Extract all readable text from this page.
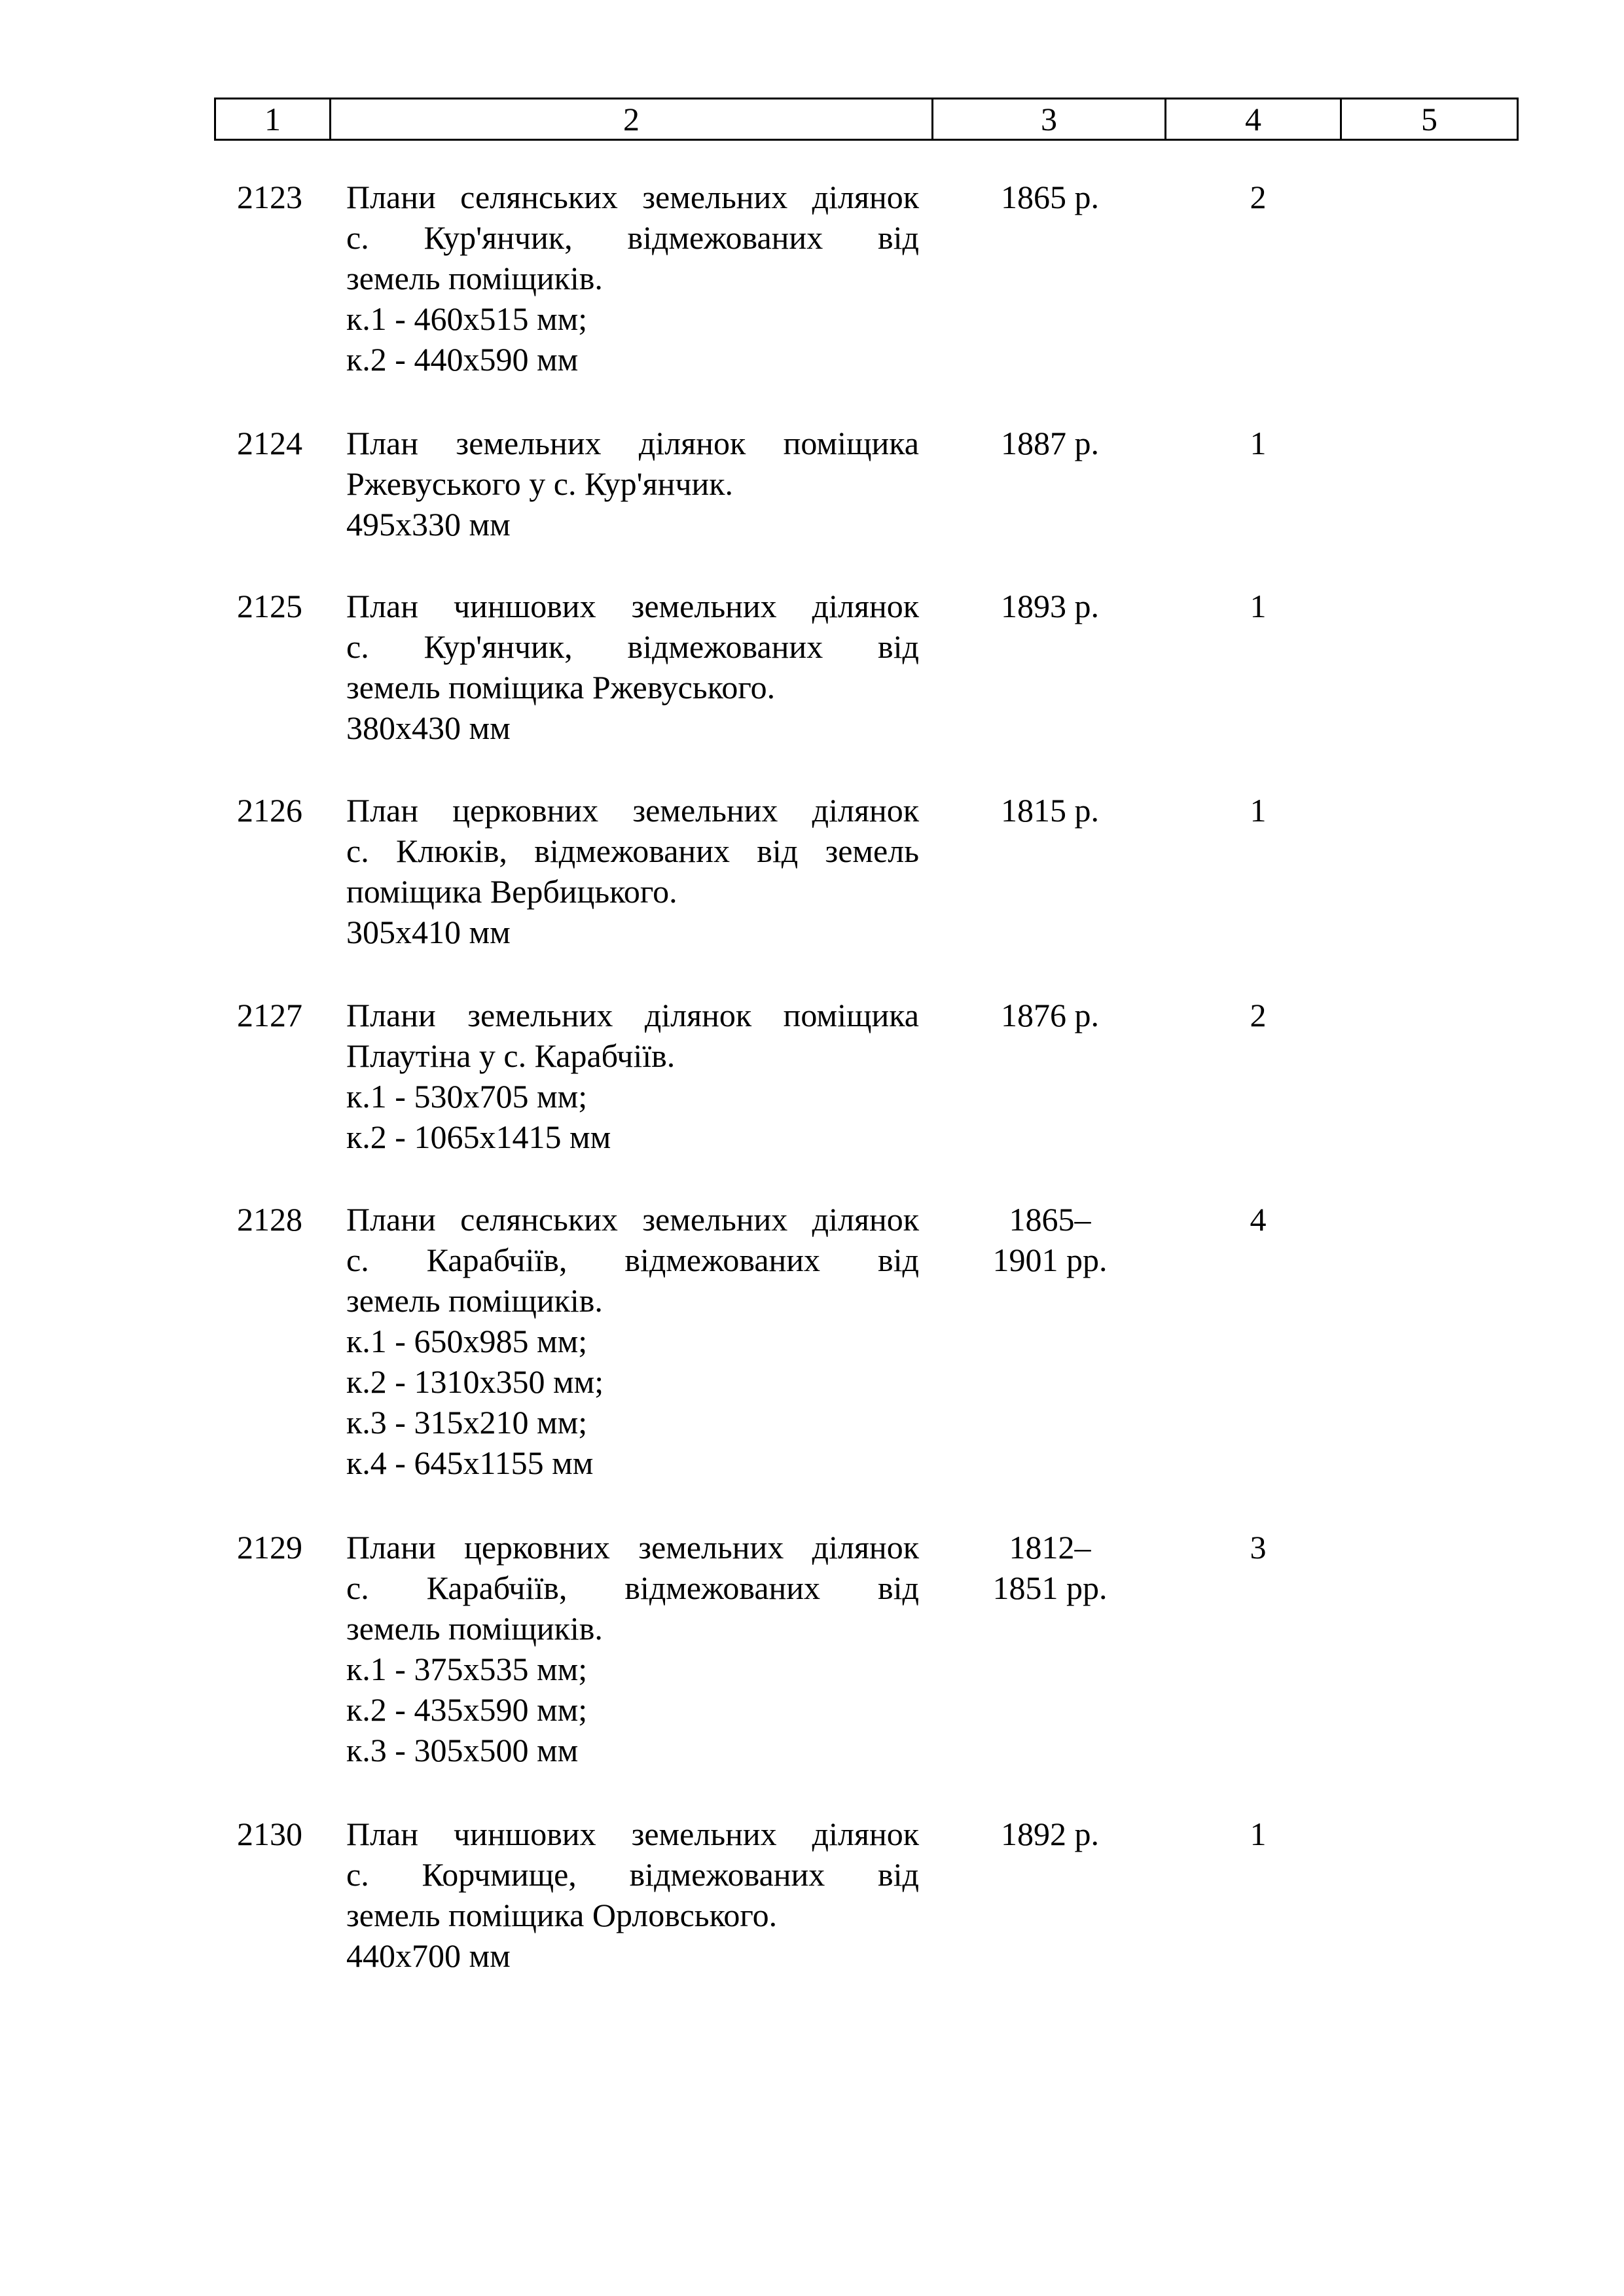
1	2	3	4	5
2123	Плани селянських земельних ділянок
с. Кур'янчик, відмежованих від
земель поміщиків.
к.1 - 460х515 мм;
к.2 - 440х590 мм
1865 р.	2
2124	План земельних ділянок поміщика
Ржевуського у с. Кур'янчик.
495х330 мм
1887 р.	1
2125	План чиншових земельних ділянок
с. Кур'янчик, відмежованих від
земель поміщика Ржевуського.
380х430 мм
1893 р.	1
2126	План церковних земельних ділянок
с. Клюків, відмежованих від земель
поміщика Вербицького.
305х410 мм
1815 р.	1
2127	Плани земельних ділянок поміщика
Плаутіна у с. Карабчіїв.
к.1 - 530х705 мм;
к.2 - 1065х1415 мм
1876 р.	2
2128	Плани селянських земельних ділянок
с. Карабчіїв, відмежованих від
земель поміщиків.
к.1 - 650х985 мм;
к.2 - 1310х350 мм;
к.3 - 315х210 мм;
к.4 - 645х1155 мм
1865–
1901 рр.
4
2129	Плани церковних земельних ділянок
с. Карабчіїв, відмежованих від
земель поміщиків.
к.1 - 375х535 мм;
к.2 - 435х590 мм;
к.3 - 305х500 мм
1812–
1851 рр.
3
2130	План чиншових земельних ділянок
с. Корчмище, відмежованих від
земель поміщика Орловського.
440х700 мм
1892 р.	1
